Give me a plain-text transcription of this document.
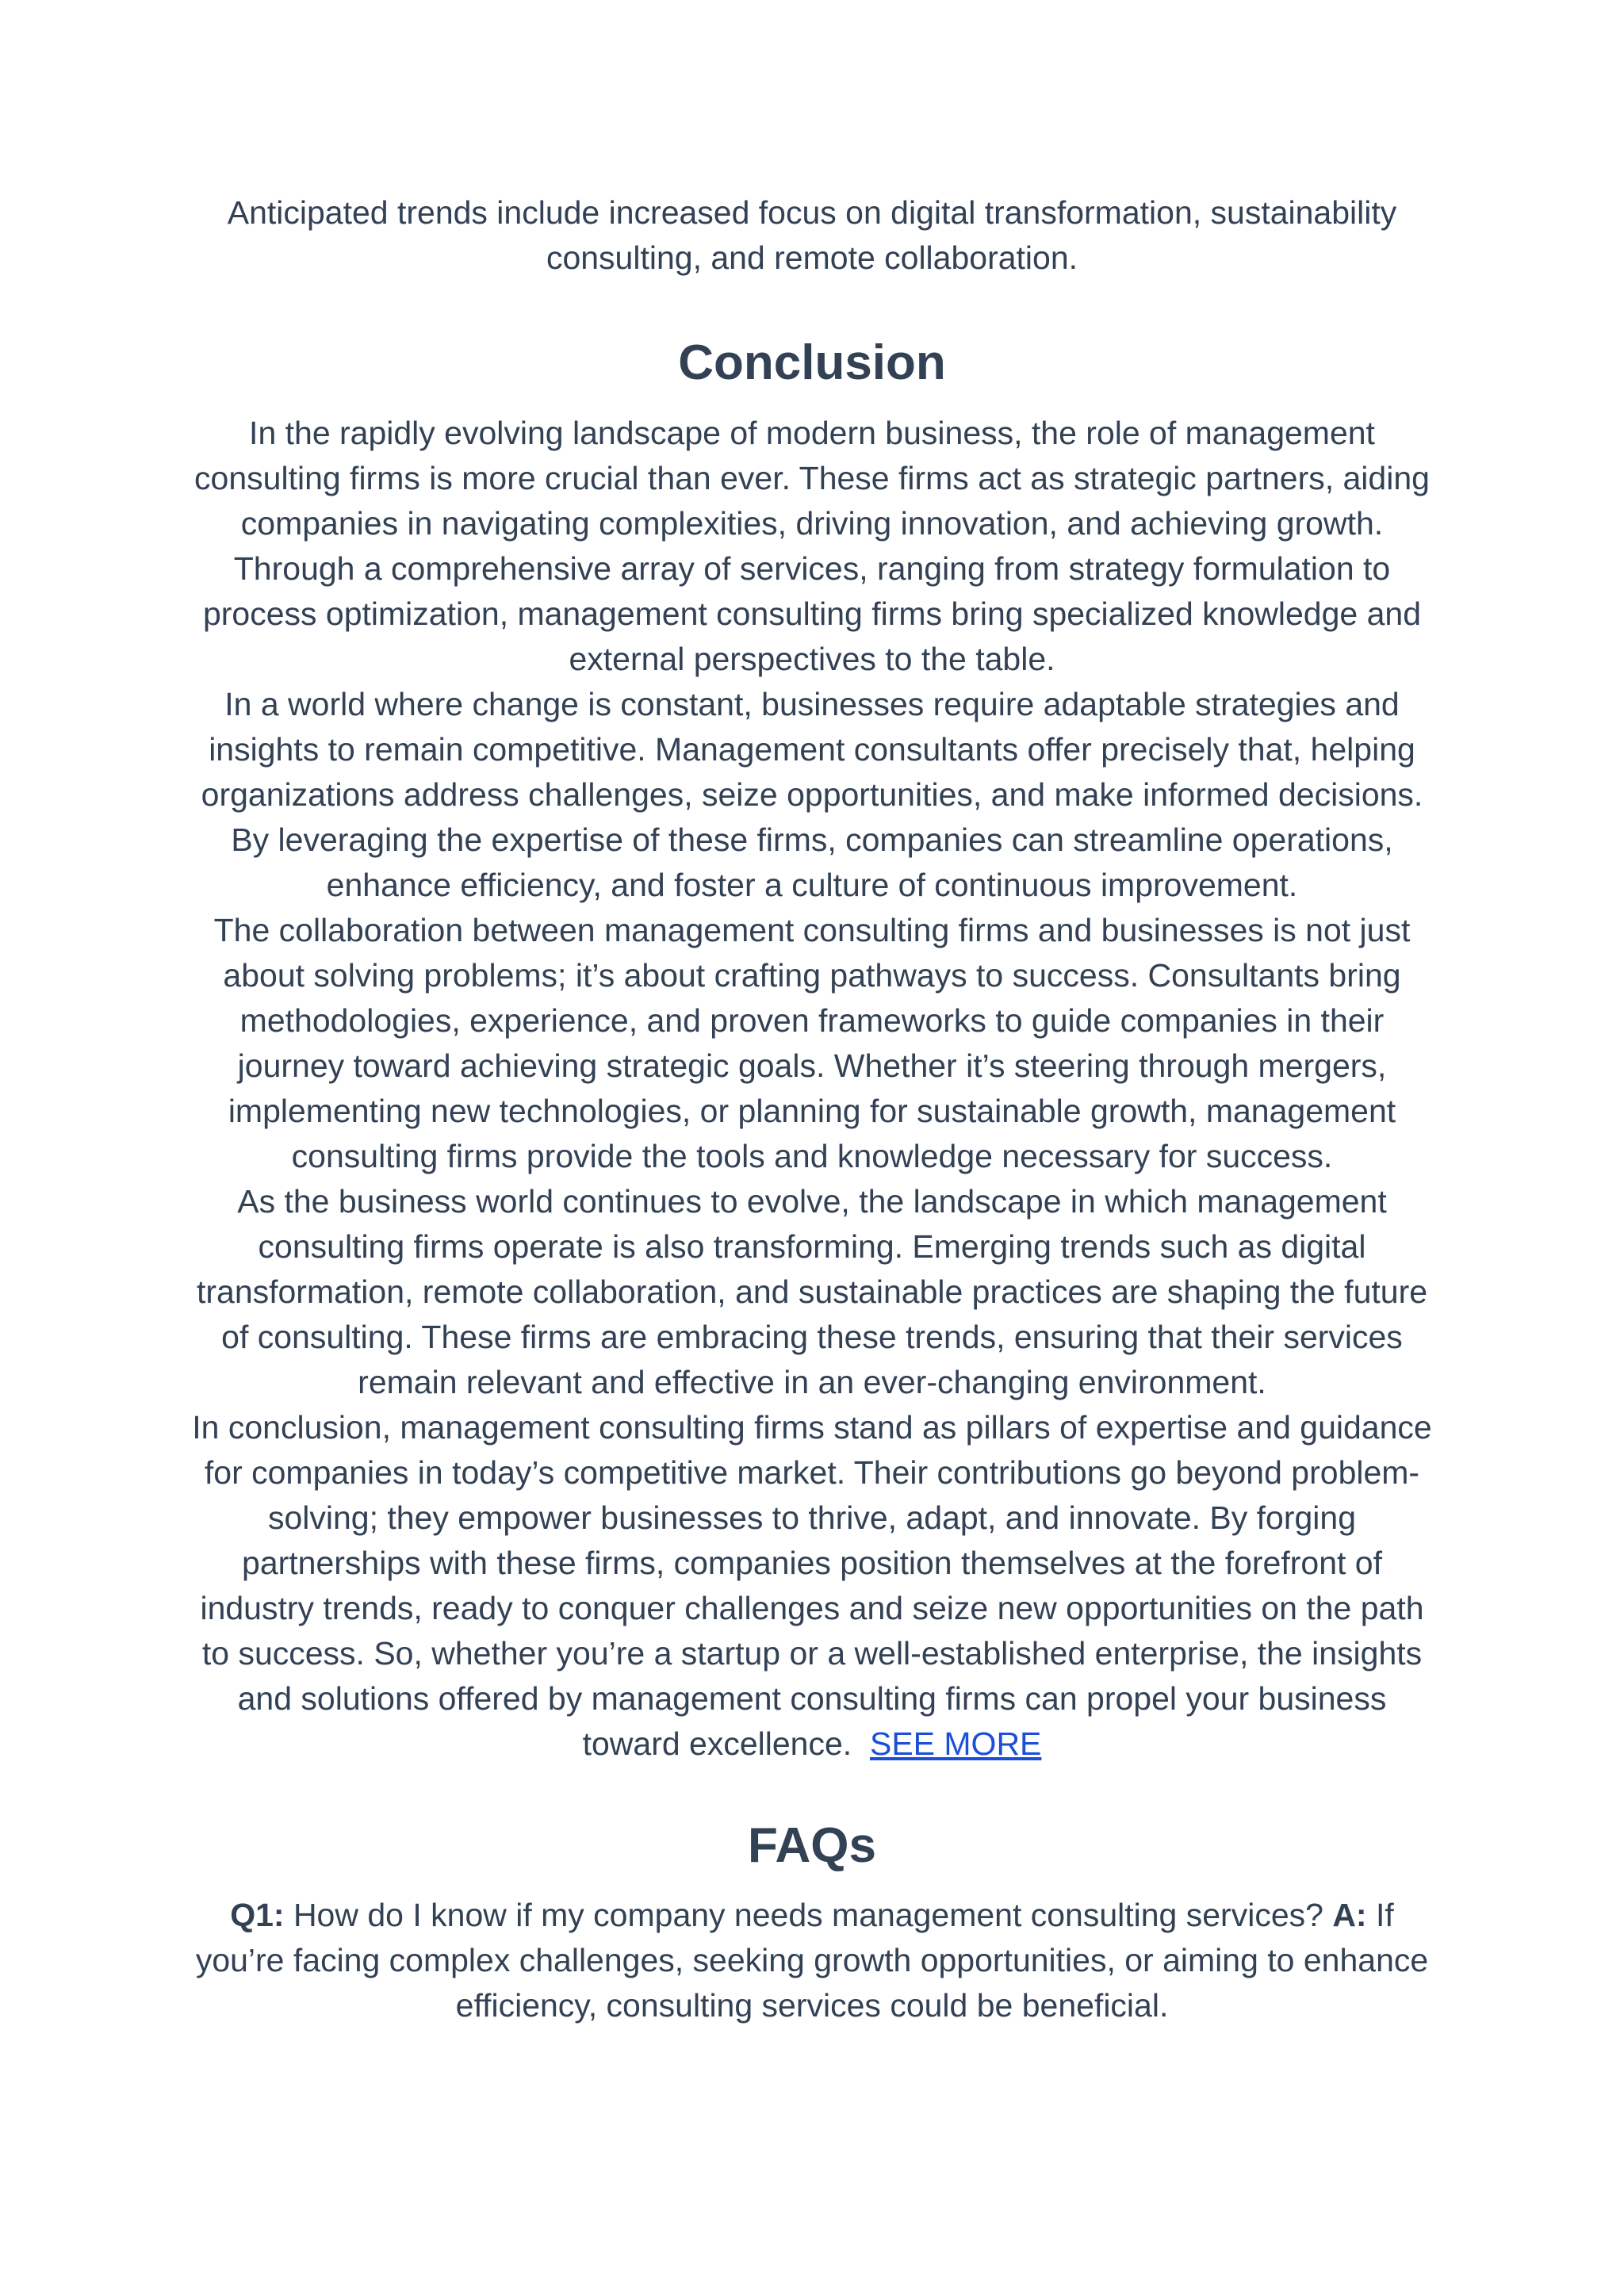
Anticipated trends include increased focus on digital transformation, sustainability consulting, and remote collaboration.
Conclusion

In the rapidly evolving landscape of modern business, the role of management consulting firms is more crucial than ever. These firms act as strategic partners, aiding companies in navigating complexities, driving innovation, and achieving growth. Through a comprehensive array of services, ranging from strategy formulation to process optimization, management consulting firms bring specialized knowledge and external perspectives to the table.

In a world where change is constant, businesses require adaptable strategies and insights to remain competitive. Management consultants offer precisely that, helping organizations address challenges, seize opportunities, and make informed decisions. By leveraging the expertise of these firms, companies can streamline operations, enhance efficiency, and foster a culture of continuous improvement.

The collaboration between management consulting firms and businesses is not just about solving problems; it’s about crafting pathways to success. Consultants bring methodologies, experience, and proven frameworks to guide companies in their journey toward achieving strategic goals. Whether it’s steering through mergers, implementing new technologies, or planning for sustainable growth, management consulting firms provide the tools and knowledge necessary for success.

As the business world continues to evolve, the landscape in which management consulting firms operate is also transforming. Emerging trends such as digital transformation, remote collaboration, and sustainable practices are shaping the future of consulting. These firms are embracing these trends, ensuring that their services remain relevant and effective in an ever-changing environment.

In conclusion, management consulting firms stand as pillars of expertise and guidance for companies in today’s competitive market. Their contributions go beyond problem-solving; they empower businesses to thrive, adapt, and innovate. By forging partnerships with these firms, companies position themselves at the forefront of industry trends, ready to conquer challenges and seize new opportunities on the path to success. So, whether you’re a startup or a well-established enterprise, the insights and solutions offered by management consulting firms can propel your business toward excellence. SEE MORE

FAQs
Q1: How do I know if my company needs management consulting services? A: If you’re facing complex challenges, seeking growth opportunities, or aiming to enhance efficiency, consulting services could be beneficial.
